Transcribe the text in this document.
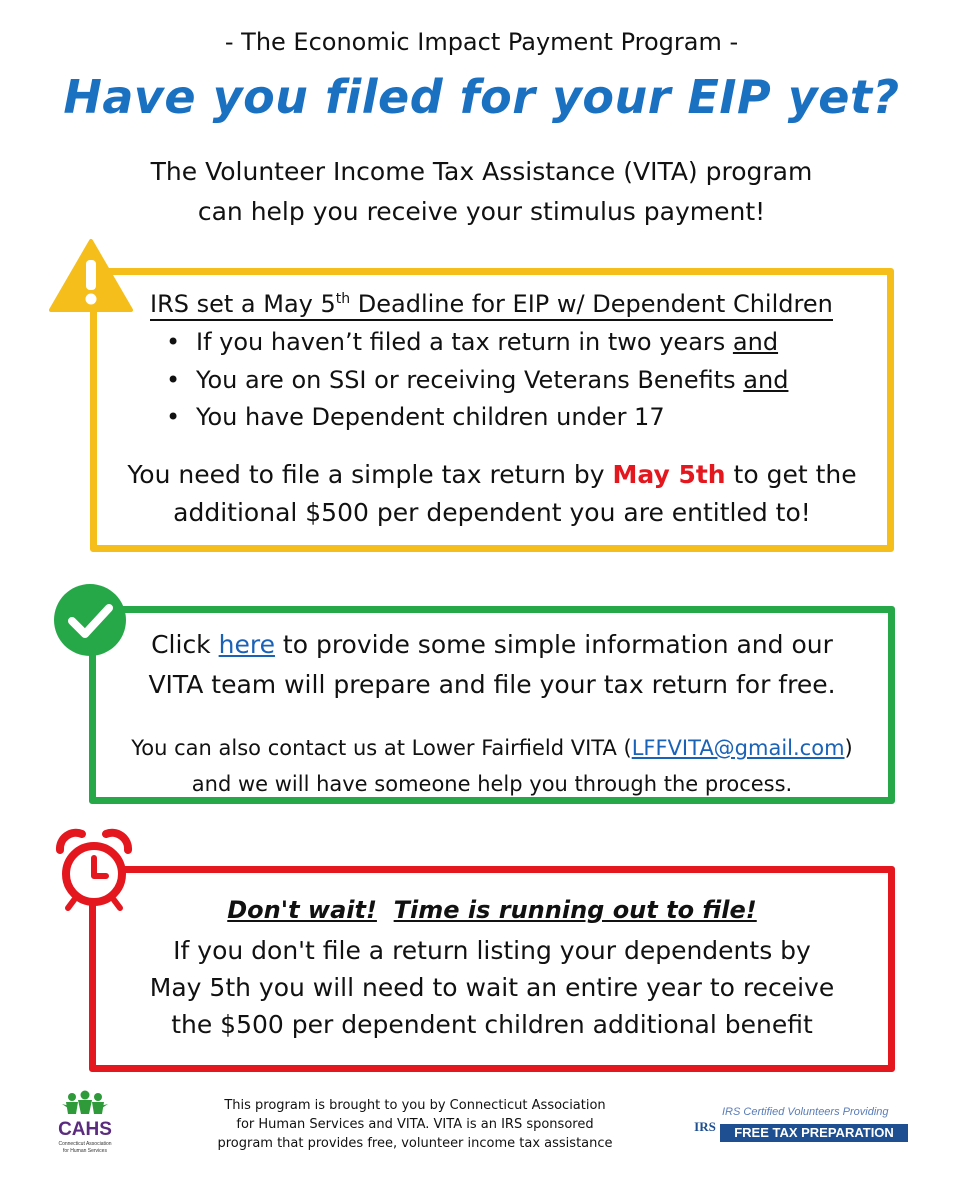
- The Economic Impact Payment Program -
Have you filed for your EIP yet?
The Volunteer Income Tax Assistance (VITA) program
can help you receive your stimulus payment!
IRS set a May 5th Deadline for EIP w/ Dependent Children
• If you haven’t filed a tax return in two years and
• You are on SSI or receiving Veterans Benefits and
• You have Dependent children under 17
You need to file a simple tax return by May 5th to get the
additional $500 per dependent you are entitled to!
Click here to provide some simple information and our
VITA team will prepare and file your tax return for free.
You can also contact us at Lower Fairfield VITA (LFFVITA@gmail.com)
and we will have someone help you through the process.
Don't wait! Time is running out to file!
If you don't file a return listing your dependents by
May 5th you will need to wait an entire year to receive
the $500 per dependent children additional benefit
CAHS
Connecticut Association
for Human Services
This program is brought to you by Connecticut Association
for Human Services and VITA. VITA is an IRS sponsored
program that provides free, volunteer income tax assistance
IRS
IRS Certified Volunteers Providing
FREE TAX PREPARATION
